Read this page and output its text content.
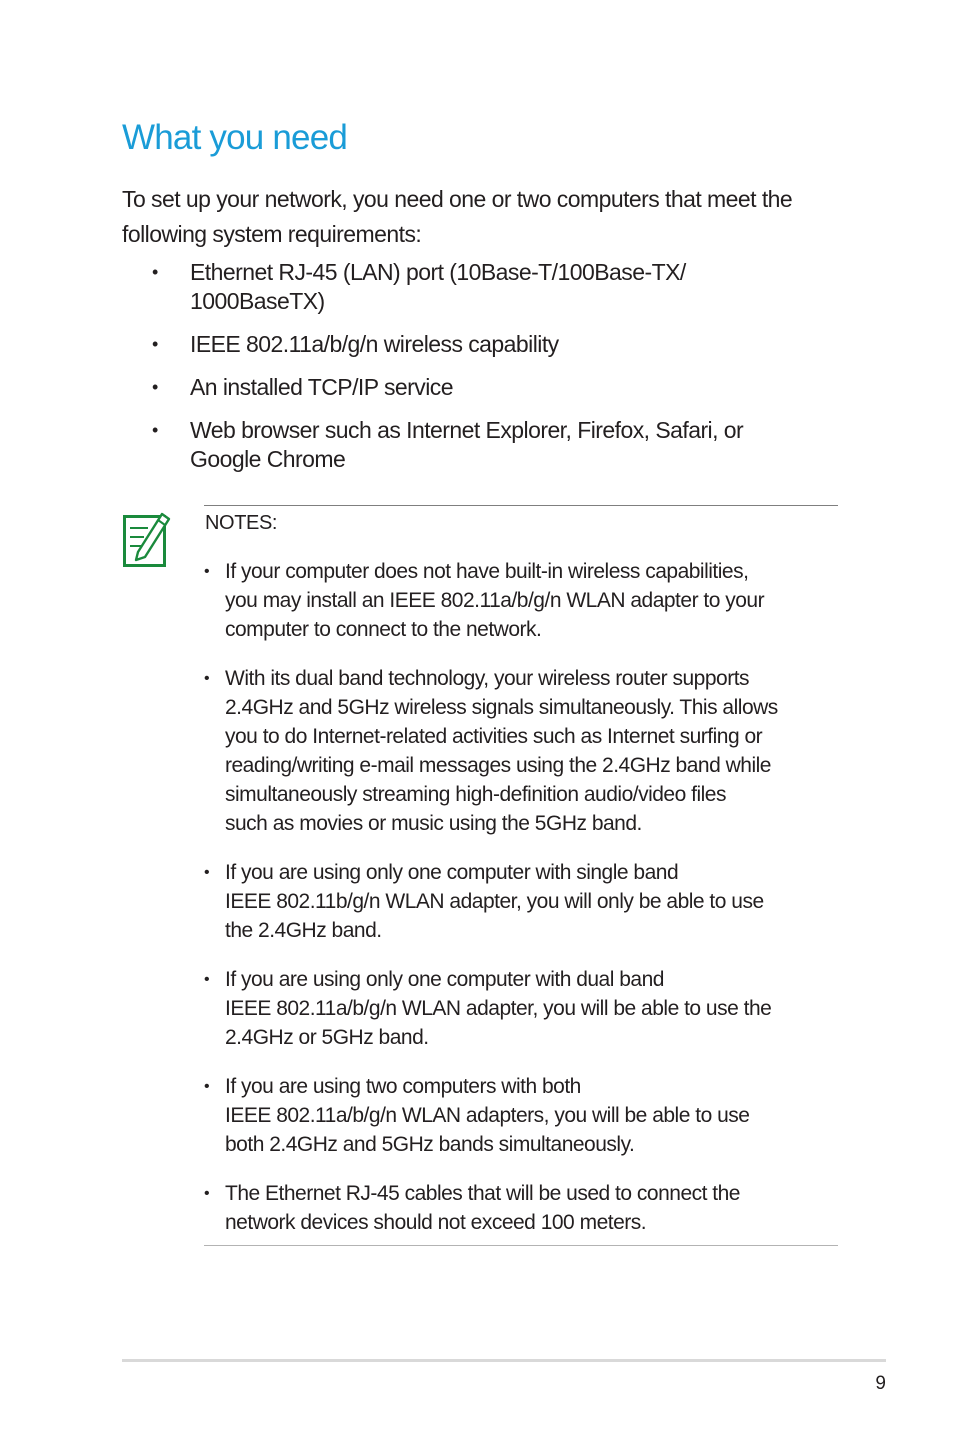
What you need

To set up your network, you need one or two computers that meet the following system requirements:

• Ethernet RJ-45 (LAN) port (10Base-T/100Base-TX/
1000BaseTX)
• IEEE 802.11a/b/g/n wireless capability
• An installed TCP/IP service
• Web browser such as Internet Explorer, Firefox, Safari, or
Google Chrome

NOTES:

• If your computer does not have built-in wireless capabilities,
you may install an IEEE 802.11a/b/g/n WLAN adapter to your
computer to connect to the network.
• With its dual band technology, your wireless router supports
2.4GHz and 5GHz wireless signals simultaneously. This allows
you to do Internet-related activities such as Internet surfing or
reading/writing e-mail messages using the 2.4GHz band while
simultaneously streaming high-definition audio/video files
such as movies or music using the 5GHz band.
• If you are using only one computer with single band
IEEE 802.11b/g/n WLAN adapter, you will only be able to use
the 2.4GHz band.
• If you are using only one computer with dual band
IEEE 802.11a/b/g/n WLAN adapter, you will be able to use the
2.4GHz or 5GHz band.
• If you are using two computers with both
IEEE 802.11a/b/g/n WLAN adapters, you will be able to use
both 2.4GHz and 5GHz bands simultaneously.
• The Ethernet RJ-45 cables that will be used to connect the
network devices should not exceed 100 meters.
9
